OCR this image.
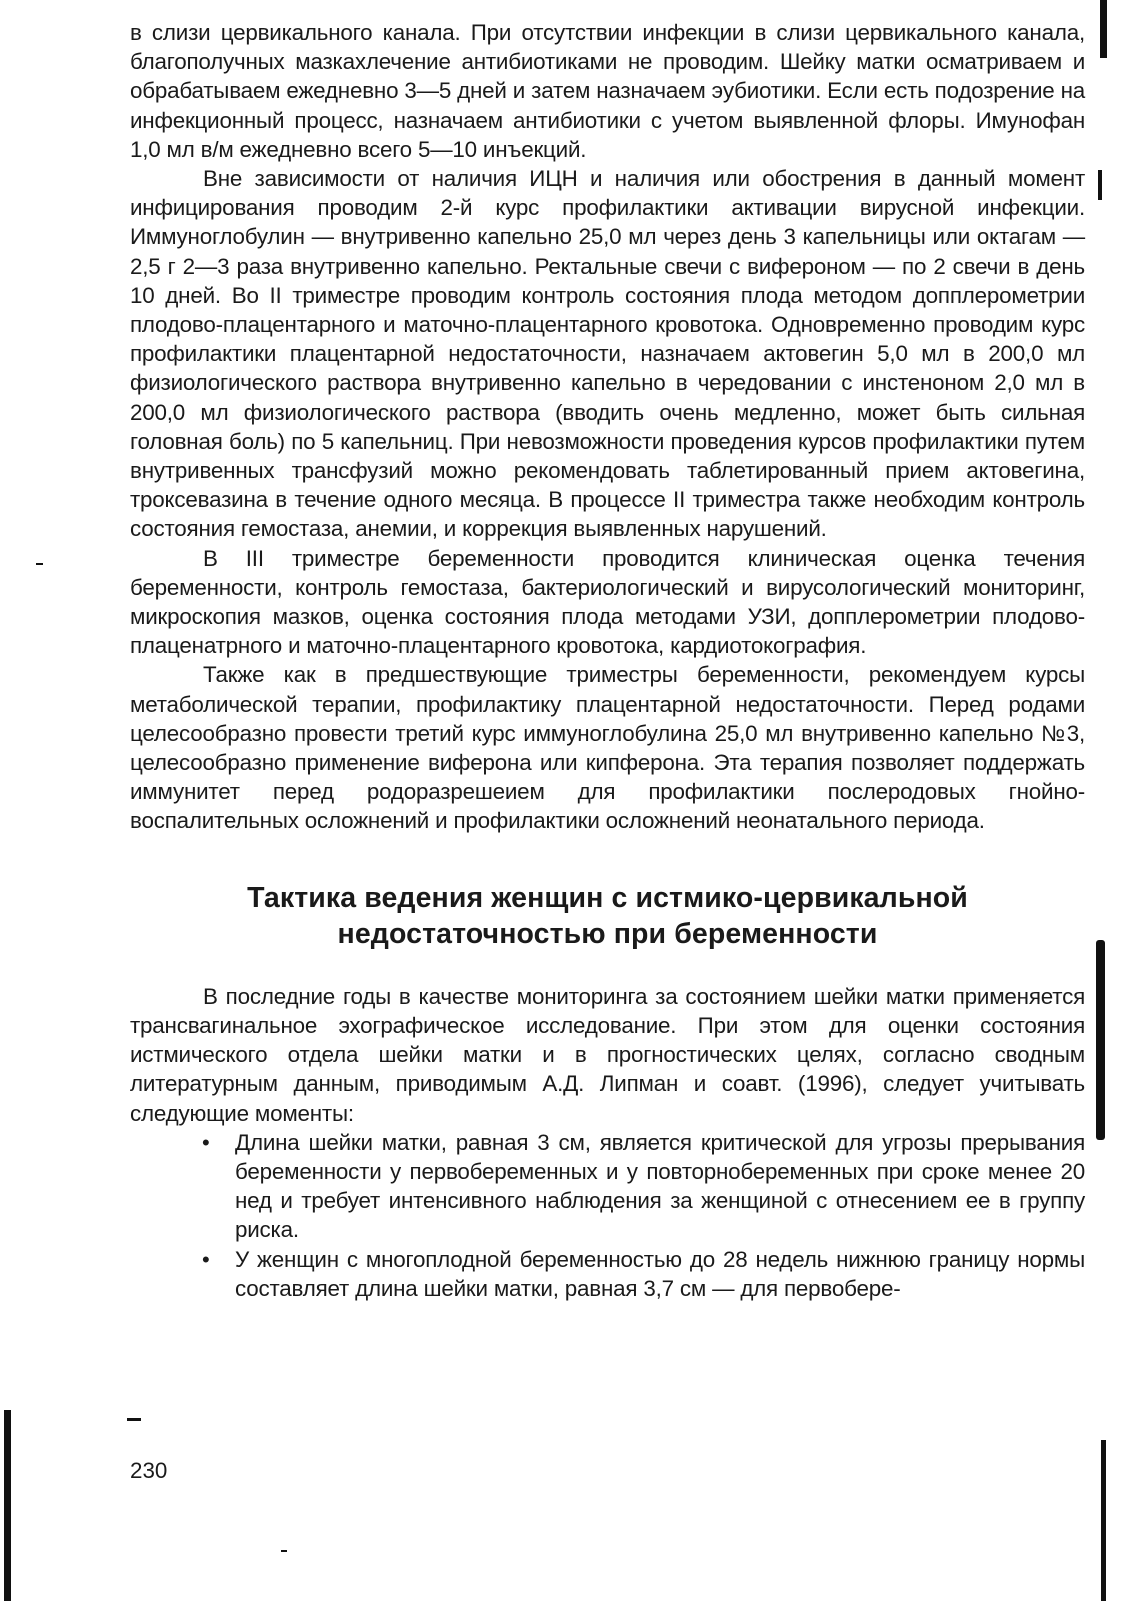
в слизи цервикального канала. При отсутствии инфекции в слизи цервикального канала, благополучных мазкахлечение антибиотиками не проводим. Шейку матки осматриваем и обрабатываем ежедневно 3—5 дней и затем назначаем эубиотики. Если есть подозрение на инфекционный процесс, назначаем антибиотики с учетом выявленной флоры. Имунофан 1,0 мл в/м ежедневно всего 5—10 инъекций.

Вне зависимости от наличия ИЦН и наличия или обострения в данный момент инфицирования проводим 2-й курс профилактики активации вирусной инфекции. Иммуноглобулин — внутривенно капельно 25,0 мл через день 3 капельницы или октагам — 2,5 г 2—3 раза внутривенно капельно. Ректальные свечи с вифероном — по 2 свечи в день 10 дней. Во II триместре проводим контроль состояния плода методом допплерометрии плодово-плацентарного и маточно-плацентарного кровотока. Одновременно проводим курс профилактики плацентарной недостаточности, назначаем актовегин 5,0 мл в 200,0 мл физиологического раствора внутривенно капельно в чередовании с инстеноном 2,0 мл в 200,0 мл физиологического раствора (вводить очень медленно, может быть сильная головная боль) по 5 капельниц. При невозможности проведения курсов профилактики путем внутривенных трансфузий можно рекомендовать таблетированный прием актовегина, троксевазина в течение одного месяца. В процессе II триместра также необходим контроль состояния гемостаза, анемии, и коррекция выявленных нарушений.

В III триместре беременности проводится клиническая оценка течения беременности, контроль гемостаза, бактериологический и вирусологический мониторинг, микроскопия мазков, оценка состояния плода методами УЗИ, допплерометрии плодово-плаценатрного и маточно-плацентарного кровотока, кардиотокография.

Также как в предшествующие триместры беременности, рекомендуем курсы метаболической терапии, профилактику плацентарной недостаточности. Перед родами целесообразно провести третий курс иммуноглобулина 25,0 мл внутривенно капельно №3, целесообразно применение виферона или кипферона. Эта терапия позволяет поддержать иммунитет перед родоразрешеием для профилактики послеродовых гнойно-воспалительных осложнений и профилактики осложнений неонатального периода.

Тактика ведения женщин с истмико-цервикальной
недостаточностью при беременности

В последние годы в качестве мониторинга за состоянием шейки матки применяется трансвагинальное эхографическое исследование. При этом для оценки состояния истмического отдела шейки матки и в прогностических целях, согласно сводным литературным данным, приводимым А.Д. Липман и соавт. (1996), следует учитывать следующие моменты:

• Длина шейки матки, равная 3 см, является критической для угрозы прерывания беременности у первобеременных и у повторнобеременных при сроке менее 20 нед и требует интенсивного наблюдения за женщиной с отнесением ее в группу риска.
• У женщин с многоплодной беременностью до 28 недель нижнюю границу нормы составляет длина шейки матки, равная 3,7 см — для первобере-
230
